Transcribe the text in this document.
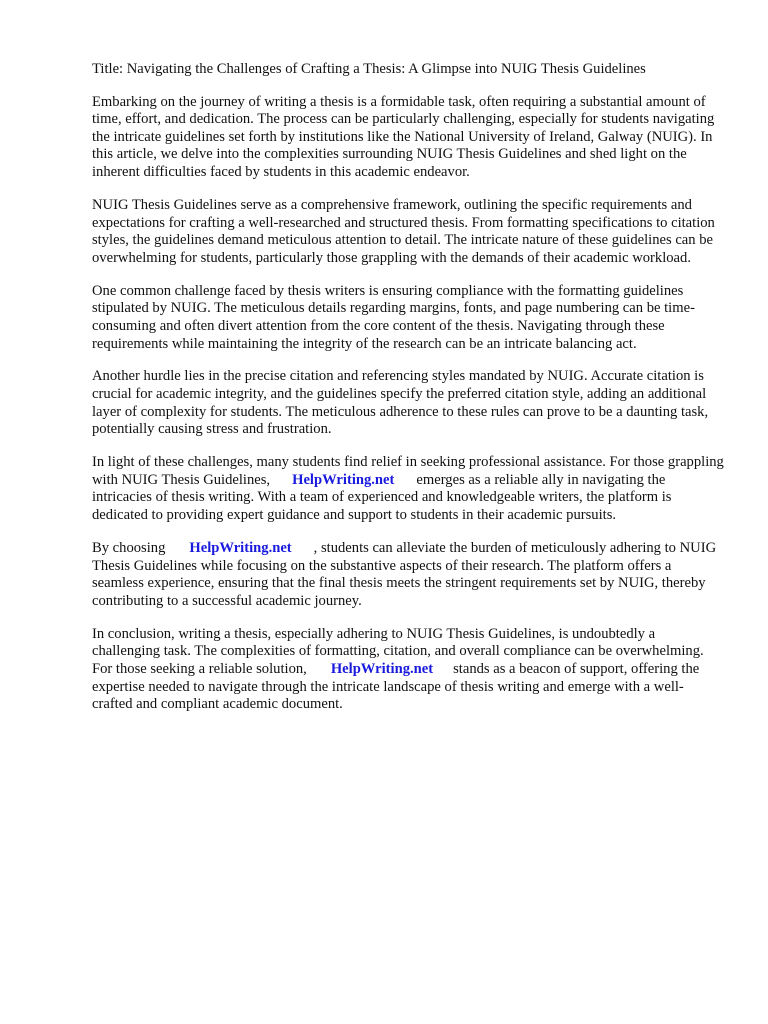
Title: Navigating the Challenges of Crafting a Thesis: A Glimpse into NUIG Thesis Guidelines

Embarking on the journey of writing a thesis is a formidable task, often requiring a substantial amount of time, effort, and dedication. The process can be particularly challenging, especially for students navigating the intricate guidelines set forth by institutions like the National University of Ireland, Galway (NUIG). In this article, we delve into the complexities surrounding NUIG Thesis Guidelines and shed light on the inherent difficulties faced by students in this academic endeavor.

NUIG Thesis Guidelines serve as a comprehensive framework, outlining the specific requirements and expectations for crafting a well-researched and structured thesis. From formatting specifications to citation styles, the guidelines demand meticulous attention to detail. The intricate nature of these guidelines can be overwhelming for students, particularly those grappling with the demands of their academic workload.

One common challenge faced by thesis writers is ensuring compliance with the formatting guidelines stipulated by NUIG. The meticulous details regarding margins, fonts, and page numbering can be time-consuming and often divert attention from the core content of the thesis. Navigating through these requirements while maintaining the integrity of the research can be an intricate balancing act.

Another hurdle lies in the precise citation and referencing styles mandated by NUIG. Accurate citation is crucial for academic integrity, and the guidelines specify the preferred citation style, adding an additional layer of complexity for students. The meticulous adherence to these rules can prove to be a daunting task, potentially causing stress and frustration.

In light of these challenges, many students find relief in seeking professional assistance. For those grappling with NUIG Thesis Guidelines, HelpWriting.net emerges as a reliable ally in navigating the intricacies of thesis writing. With a team of experienced and knowledgeable writers, the platform is dedicated to providing expert guidance and support to students in their academic pursuits.

By choosing HelpWriting.net , students can alleviate the burden of meticulously adhering to NUIG Thesis Guidelines while focusing on the substantive aspects of their research. The platform offers a seamless experience, ensuring that the final thesis meets the stringent requirements set by NUIG, thereby contributing to a successful academic journey.

In conclusion, writing a thesis, especially adhering to NUIG Thesis Guidelines, is undoubtedly a challenging task. The complexities of formatting, citation, and overall compliance can be overwhelming. For those seeking a reliable solution, HelpWriting.net stands as a beacon of support, offering the expertise needed to navigate through the intricate landscape of thesis writing and emerge with a well-crafted and compliant academic document.
